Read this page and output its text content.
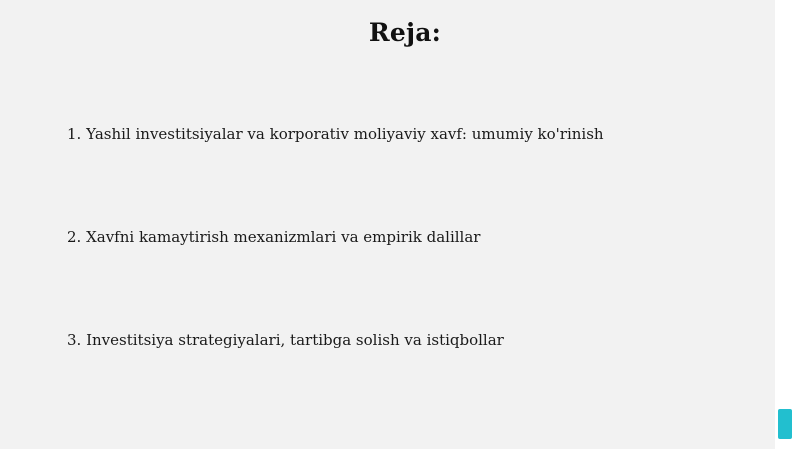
Reja:
1. Yashil investitsiyalar va korporativ moliyaviy xavf: umumiy ko'rinish
2. Xavfni kamaytirish mexanizmlari va empirik dalillar
3. Investitsiya strategiyalari, tartibga solish va istiqbollar
